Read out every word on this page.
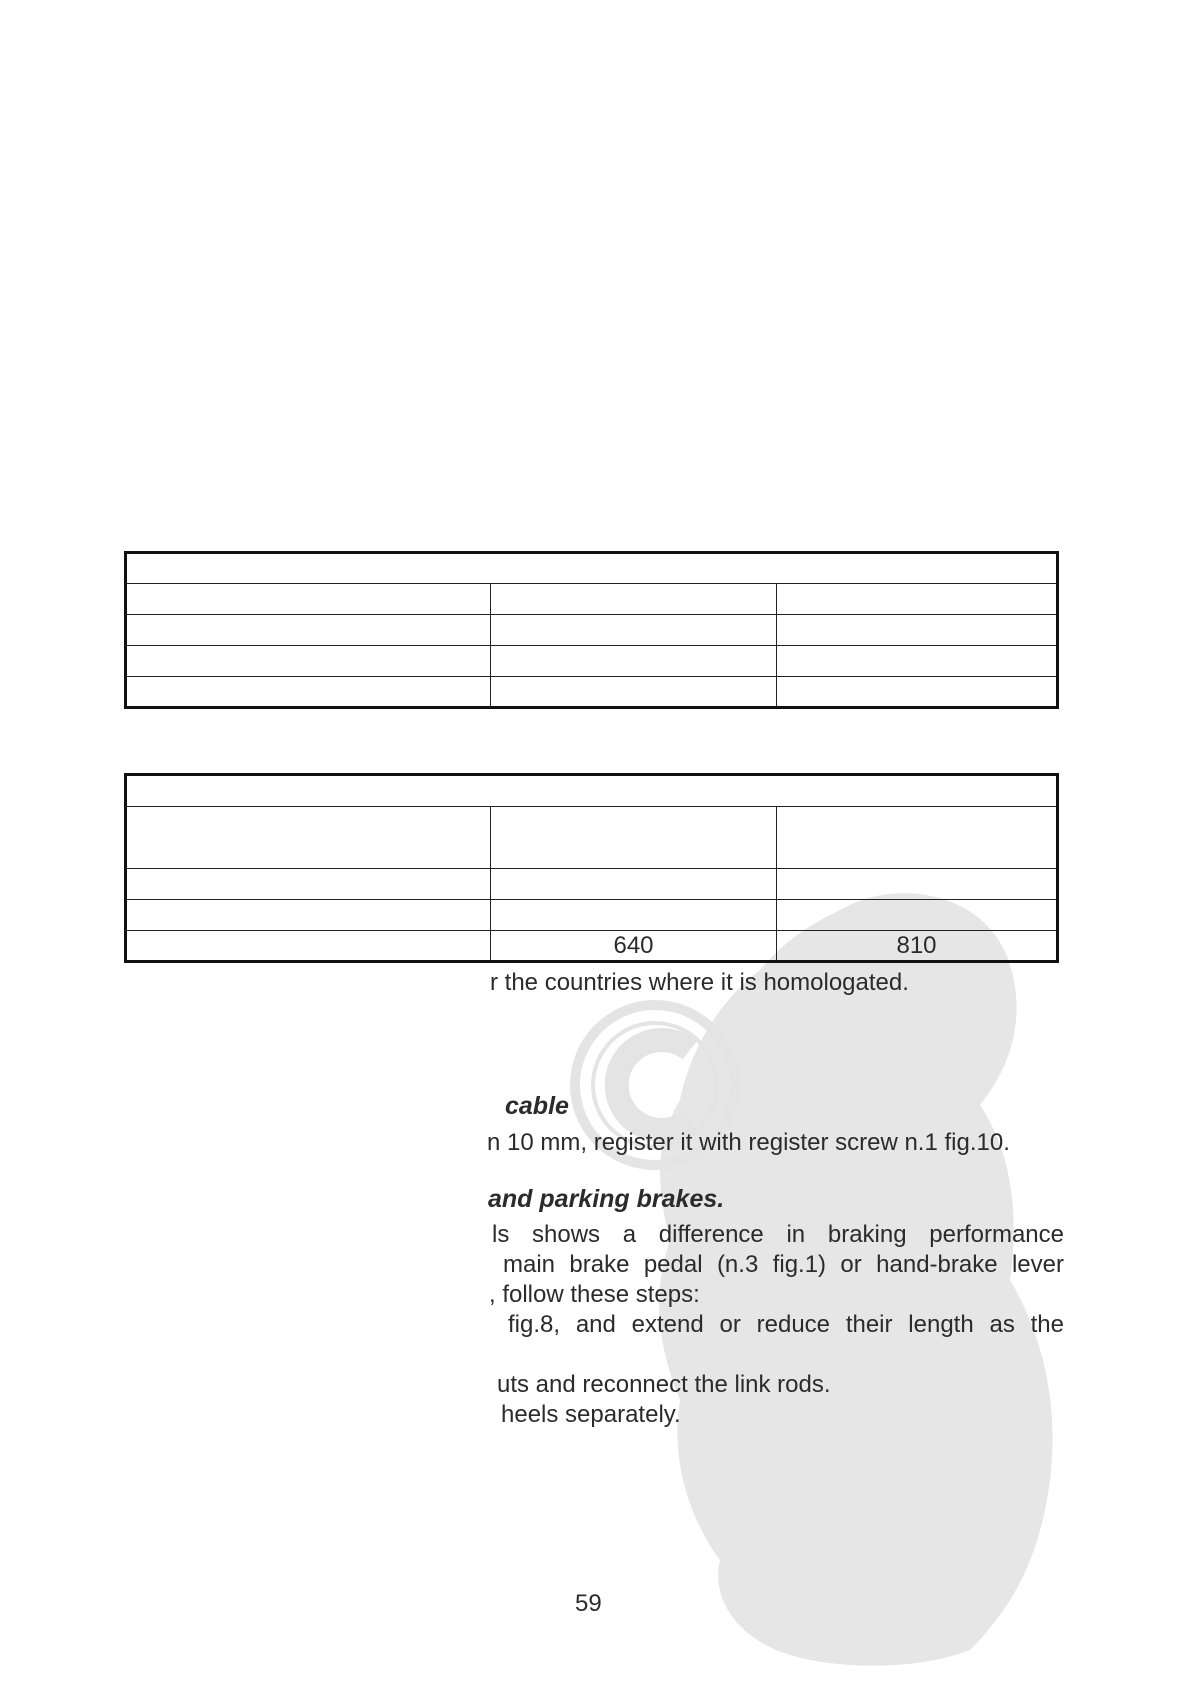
	640	810
r the countries where it is homologated.
cable
n 10 mm, register it with register screw n.1 fig.10.
and parking brakes.
ls shows a difference in braking performance
main brake pedal (n.3 fig.1) or hand-brake lever
, follow these steps:
fig.8, and extend or reduce their length as the
uts and reconnect the link rods.
heels separately.
59
